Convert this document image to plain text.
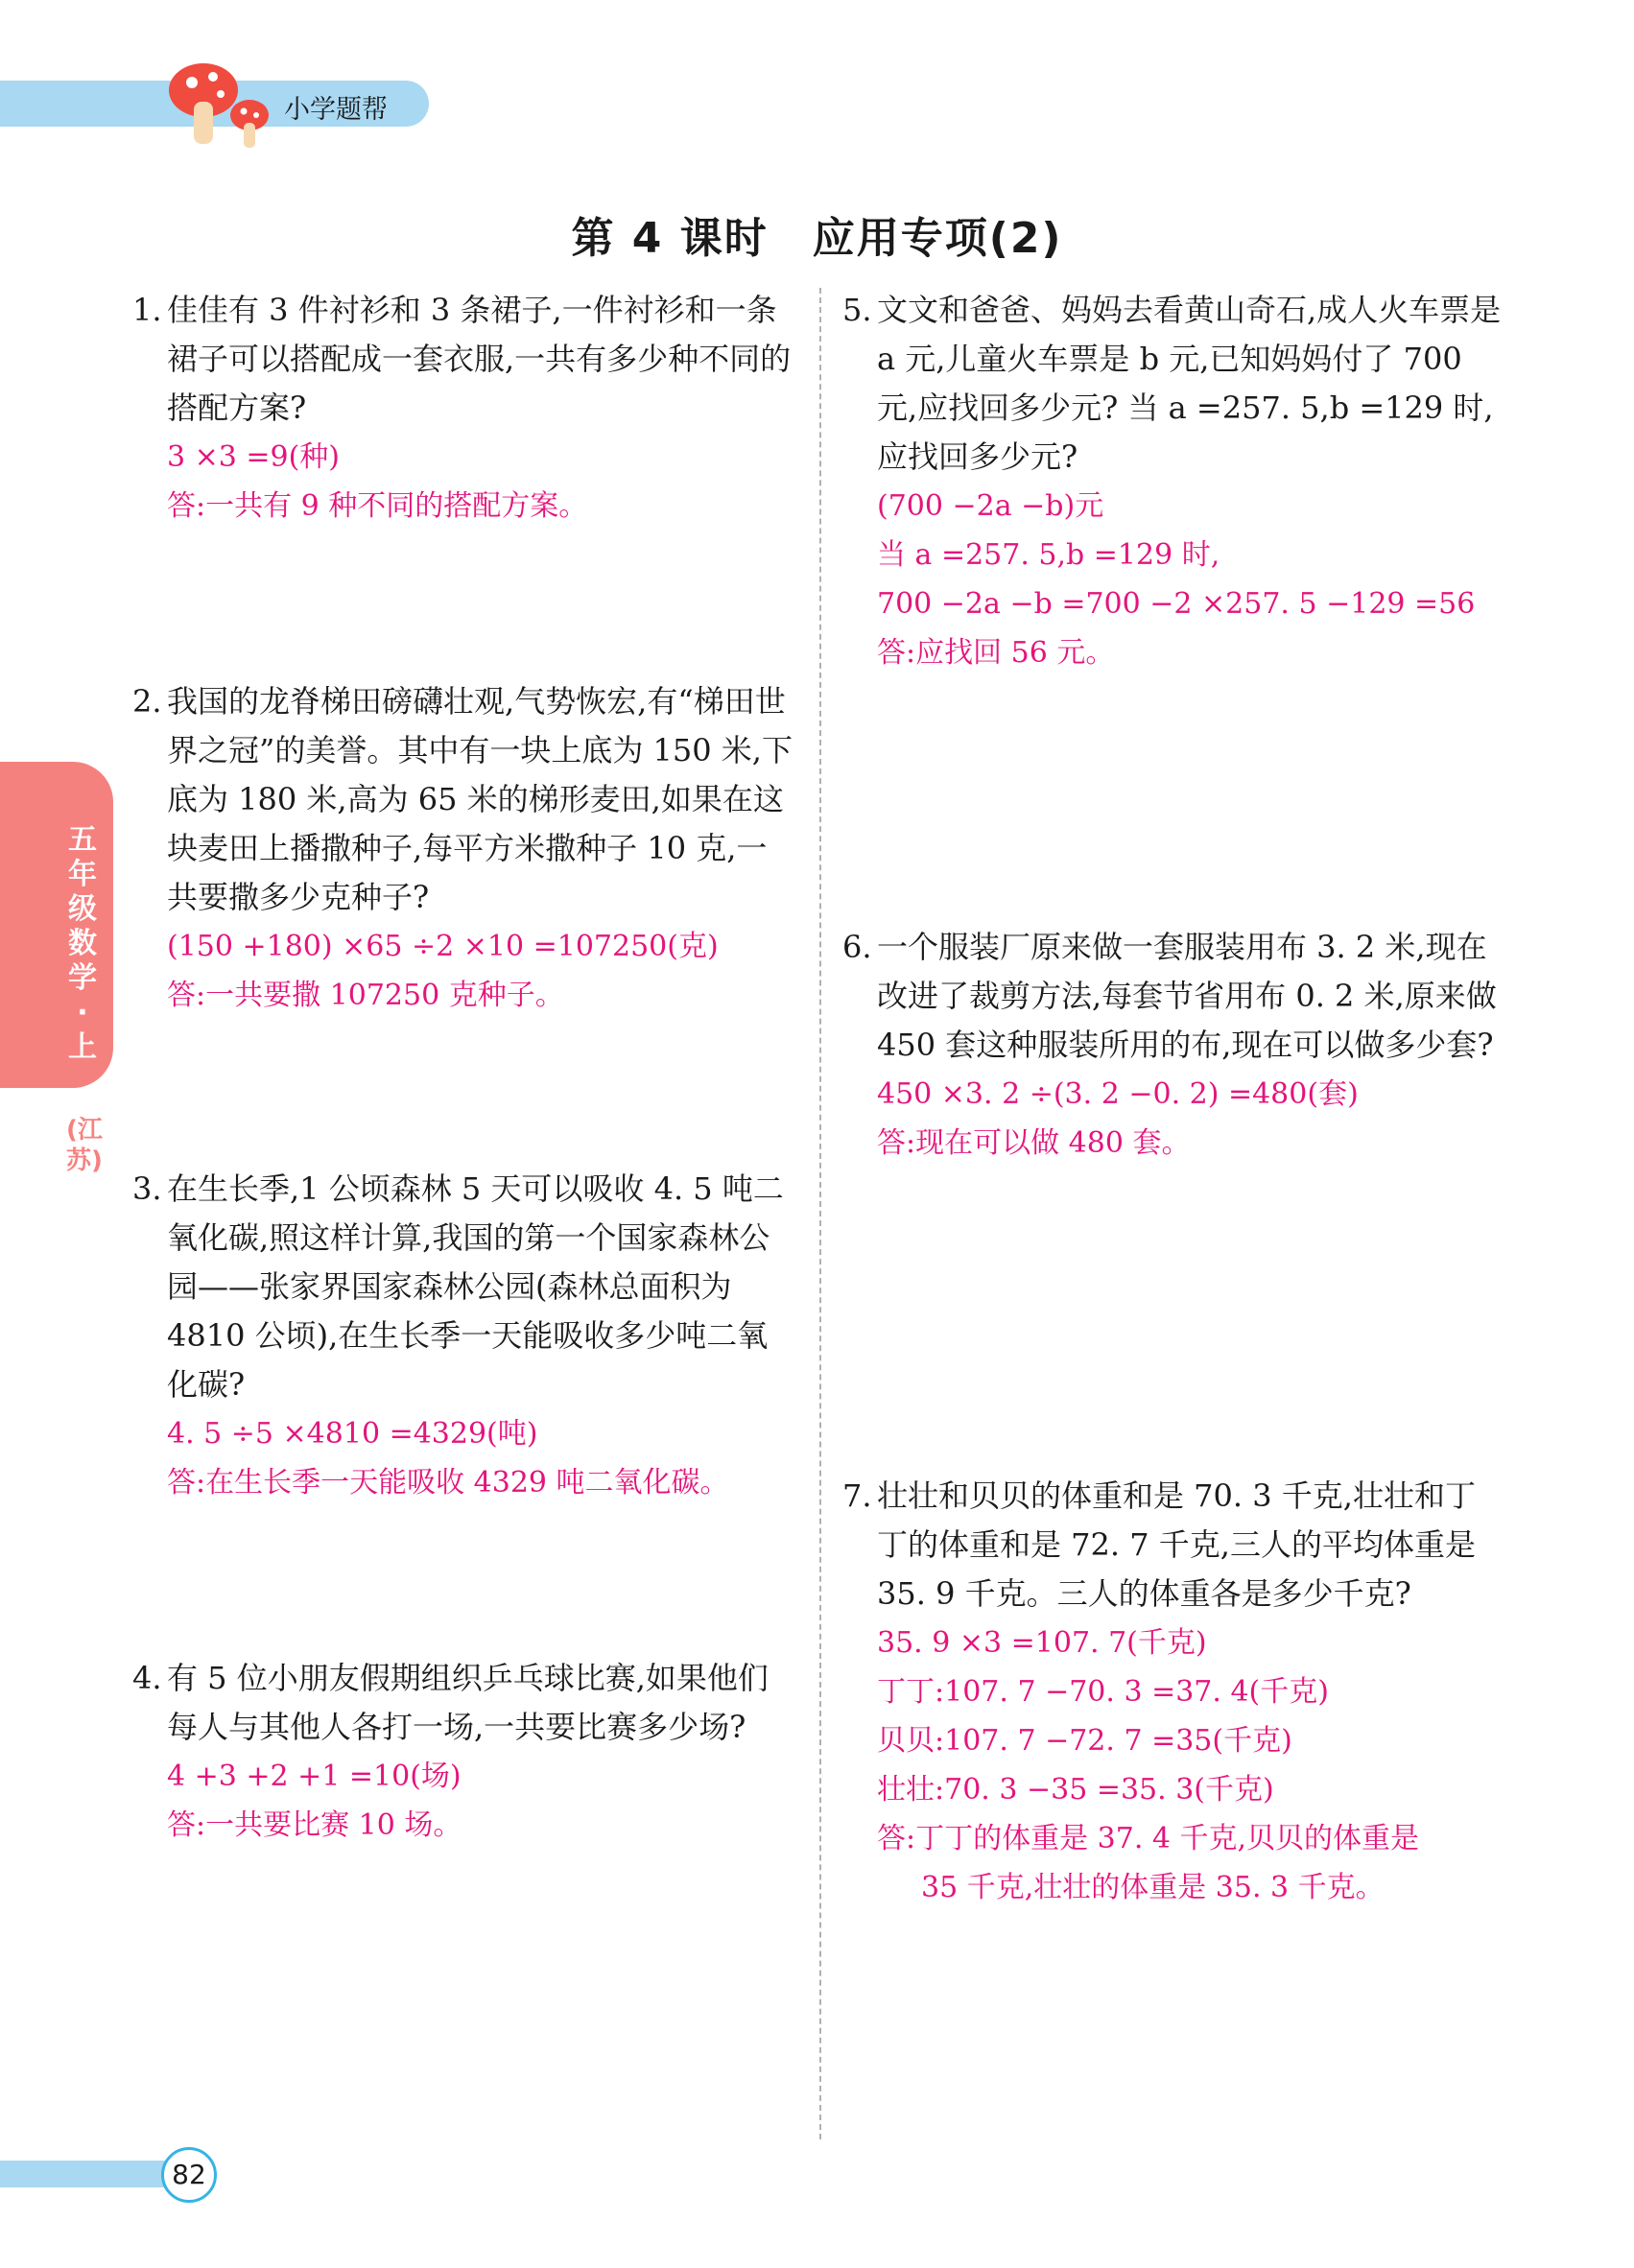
小学题帮
第 4 课时　应用专项(2)
五年级数学·上
(江苏)
1. 佳佳有 3 件衬衫和 3 条裙子,一件衬衫和一条裙子可以搭配成一套衣服,一共有多少种不同的搭配方案?
3 ×3 =9(种)
答:一共有 9 种不同的搭配方案。
2. 我国的龙脊梯田磅礴壮观,气势恢宏,有“梯田世界之冠”的美誉。其中有一块上底为 150 米,下底为 180 米,高为 65 米的梯形麦田,如果在这块麦田上播撒种子,每平方米撒种子 10 克,一共要撒多少克种子?
(150 +180) ×65 ÷2 ×10 =107250(克)
答:一共要撒 107250 克种子。
3. 在生长季,1 公顷森林 5 天可以吸收 4. 5 吨二氧化碳,照这样计算,我国的第一个国家森林公园——张家界国家森林公园(森林总面积为 4810 公顷),在生长季一天能吸收多少吨二氧化碳?
4. 5 ÷5 ×4810 =4329(吨)
答:在生长季一天能吸收 4329 吨二氧化碳。
4. 有 5 位小朋友假期组织乒乓球比赛,如果他们每人与其他人各打一场,一共要比赛多少场?
4 +3 +2 +1 =10(场)
答:一共要比赛 10 场。
5. 文文和爸爸、妈妈去看黄山奇石,成人火车票是 a 元,儿童火车票是 b 元,已知妈妈付了 700 元,应找回多少元? 当 a =257. 5,b =129 时,应找回多少元?
(700 −2a −b)元
当 a =257. 5,b =129 时,
700 −2a −b =700 −2 ×257. 5 −129 =56
答:应找回 56 元。
6. 一个服装厂原来做一套服装用布 3. 2 米,现在改进了裁剪方法,每套节省用布 0. 2 米,原来做 450 套这种服装所用的布,现在可以做多少套?
450 ×3. 2 ÷(3. 2 −0. 2) =480(套)
答:现在可以做 480 套。
7. 壮壮和贝贝的体重和是 70. 3 千克,壮壮和丁丁的体重和是 72. 7 千克,三人的平均体重是 35. 9 千克。三人的体重各是多少千克?
35. 9 ×3 =107. 7(千克)
丁丁:107. 7 −70. 3 =37. 4(千克)
贝贝:107. 7 −72. 7 =35(千克)
壮壮:70. 3 −35 =35. 3(千克)
答:丁丁的体重是 37. 4 千克,贝贝的体重是
35 千克,壮壮的体重是 35. 3 千克。
82
